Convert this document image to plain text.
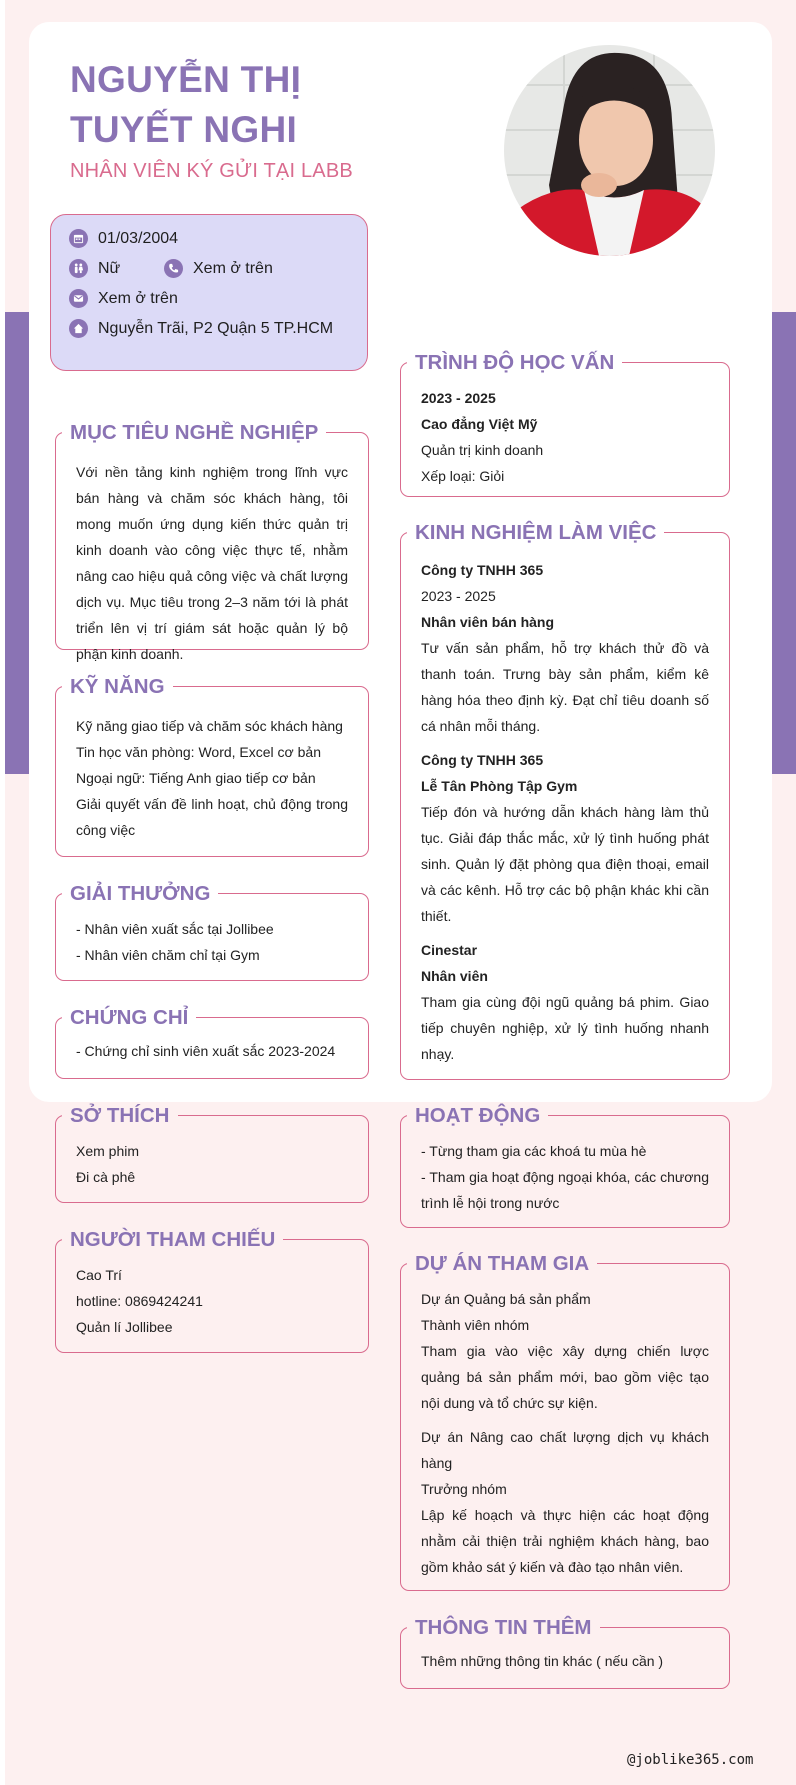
NGUYỄN THỊ TUYẾT NGHI
NHÂN VIÊN KÝ GỬI TẠI LABB
01/03/2004
Nữ	Xem ở trên
Xem ở trên
Nguyễn Trãi, P2 Quận 5 TP.HCM
MỤC TIÊU NGHỀ NGHIỆP
Với nền tảng kinh nghiệm trong lĩnh vực bán hàng và chăm sóc khách hàng, tôi mong muốn ứng dụng kiến thức quản trị kinh doanh vào công việc thực tế, nhằm nâng cao hiệu quả công việc và chất lượng dịch vụ. Mục tiêu trong 2–3 năm tới là phát triển lên vị trí giám sát hoặc quản lý bộ phận kinh doanh.
KỸ NĂNG
Kỹ năng giao tiếp và chăm sóc khách hàng
Tin học văn phòng: Word, Excel cơ bản
Ngoại ngữ: Tiếng Anh giao tiếp cơ bản
Giải quyết vấn đề linh hoạt, chủ động trong công việc
GIẢI THƯỞNG
- Nhân viên xuất sắc tại Jollibee
- Nhân viên chăm chỉ tại Gym
CHỨNG CHỈ
- Chứng chỉ sinh viên xuất sắc 2023-2024
SỞ THÍCH
Xem phim
Đi cà phê
NGƯỜI THAM CHIẾU
Cao Trí
hotline: 0869424241
Quản lí Jollibee
TRÌNH ĐỘ HỌC VẤN
2023 - 2025
Cao đẳng Việt Mỹ
Quản trị kinh doanh
Xếp loại: Giỏi
KINH NGHIỆM LÀM VIỆC
Công ty TNHH 365
2023 - 2025
Nhân viên bán hàng
Tư vấn sản phẩm, hỗ trợ khách thử đồ và thanh toán. Trưng bày sản phẩm, kiểm kê hàng hóa theo định kỳ. Đạt chỉ tiêu doanh số cá nhân mỗi tháng.
Công ty TNHH 365
Lễ Tân Phòng Tập Gym
Tiếp đón và hướng dẫn khách hàng làm thủ tục. Giải đáp thắc mắc, xử lý tình huống phát sinh. Quản lý đặt phòng qua điện thoại, email và các kênh. Hỗ trợ các bộ phận khác khi cần thiết.
Cinestar
Nhân viên
Tham gia cùng đội ngũ quảng bá phim. Giao tiếp chuyên nghiệp, xử lý tình huống nhanh nhạy.
HOẠT ĐỘNG
- Từng tham gia các khoá tu mùa hè
- Tham gia hoạt động ngoại khóa, các chương trình lễ hội trong nước
DỰ ÁN THAM GIA
Dự án Quảng bá sản phẩm
Thành viên nhóm
Tham gia vào việc xây dựng chiến lược quảng bá sản phẩm mới, bao gồm việc tạo nội dung và tổ chức sự kiện.
Dự án Nâng cao chất lượng dịch vụ khách hàng
Trưởng nhóm
Lập kế hoạch và thực hiện các hoạt động nhằm cải thiện trải nghiệm khách hàng, bao gồm khảo sát ý kiến và đào tạo nhân viên.
THÔNG TIN THÊM
Thêm những thông tin khác ( nếu cần )
@joblike365.com
